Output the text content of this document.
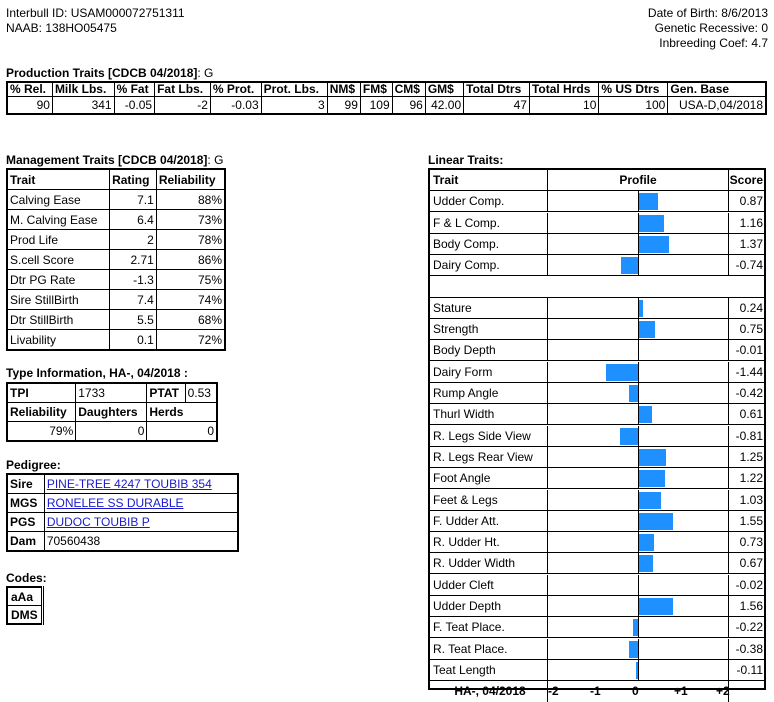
Interbull ID: USAM000072751311
NAAB: 138HO05475
Date of Birth: 8/6/2013
Genetic Recessive: 0
Inbreeding Coef: 4.7
Production Traits [CDCB 04/2018]: G
% Rel.	Milk Lbs.	% Fat	Fat Lbs.	% Prot.	Prot. Lbs.	NM$	FM$	CM$	GM$	Total Dtrs	Total Hrds	% US Dtrs	Gen. Base
90	341	-0.05	-2	-0.03	3	99	109	96	42.00	47	10	100	USA-D,04/2018
Management Traits [CDCB 04/2018]: G
Trait	Rating	Reliability
Calving Ease	7.1	88%
M. Calving Ease	6.4	73%
Prod Life	2	78%
S.cell Score	2.71	86%
Dtr PG Rate	-1.3	75%
Sire StillBirth	7.4	74%
Dtr StillBirth	5.5	68%
Livability	0.1	72%
Type Information, HA-, 04/2018 :
TPI	1733	PTAT	0.53
Reliability	Daughters	Herds	
79%	0	0	
Pedigree:
Sire	PINE-TREE 4247 TOUBIB 354
MGS	RONELEE SS DURABLE
PGS	DUDOC TOUBIB P
Dam	70560438
Codes:
aAa
DMS
Linear Traits:
Trait	Profile	Score
Udder Comp.	0.87
F & L Comp.	1.16
Body Comp.	1.37
Dairy Comp.	-0.74
Stature	0.24
Strength	0.75
Body Depth	-0.01
Dairy Form	-1.44
Rump Angle	-0.42
Thurl Width	0.61
R. Legs Side View	-0.81
R. Legs Rear View	1.25
Foot Angle	1.22
Feet & Legs	1.03
F. Udder Att.	1.55
R. Udder Ht.	0.73
R. Udder Width	0.67
Udder Cleft	-0.02
Udder Depth	1.56
F. Teat Place.	-0.22
R. Teat Place.	-0.38
Teat Length	-0.11
HA-, 04/2018	-2	-1	0	+1 +2
